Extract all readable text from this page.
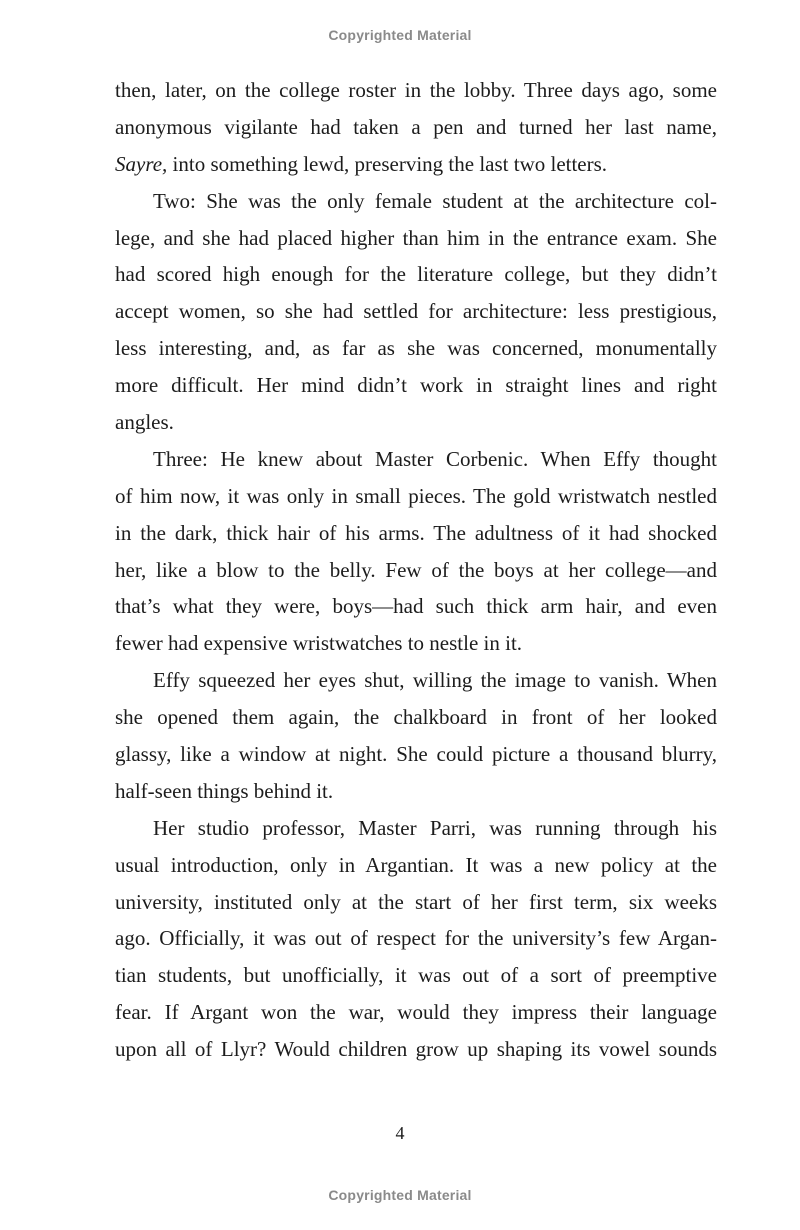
Copyrighted Material
then, later, on the college roster in the lobby. Three days ago, some
anonymous vigilante had taken a pen and turned her last name,
Sayre, into something lewd, preserving the last two letters.
Two: She was the only female student at the architecture col-
lege, and she had placed higher than him in the entrance exam. She
had scored high enough for the literature college, but they didn’t
accept women, so she had settled for architecture: less prestigious,
less interesting, and, as far as she was concerned, monumentally
more difficult. Her mind didn’t work in straight lines and right
angles.
Three: He knew about Master Corbenic. When Effy thought
of him now, it was only in small pieces. The gold wristwatch nestled
in the dark, thick hair of his arms. The adultness of it had shocked
her, like a blow to the belly. Few of the boys at her college—and
that’s what they were, boys—had such thick arm hair, and even
fewer had expensive wristwatches to nestle in it.
Effy squeezed her eyes shut, willing the image to vanish. When
she opened them again, the chalkboard in front of her looked
glassy, like a window at night. She could picture a thousand blurry,
half-seen things behind it.
Her studio professor, Master Parri, was running through his
usual introduction, only in Argantian. It was a new policy at the
university, instituted only at the start of her first term, six weeks
ago. Officially, it was out of respect for the university’s few Argan-
tian students, but unofficially, it was out of a sort of preemptive
fear. If Argant won the war, would they impress their language
upon all of Llyr? Would children grow up shaping its vowel sounds
4
Copyrighted Material
